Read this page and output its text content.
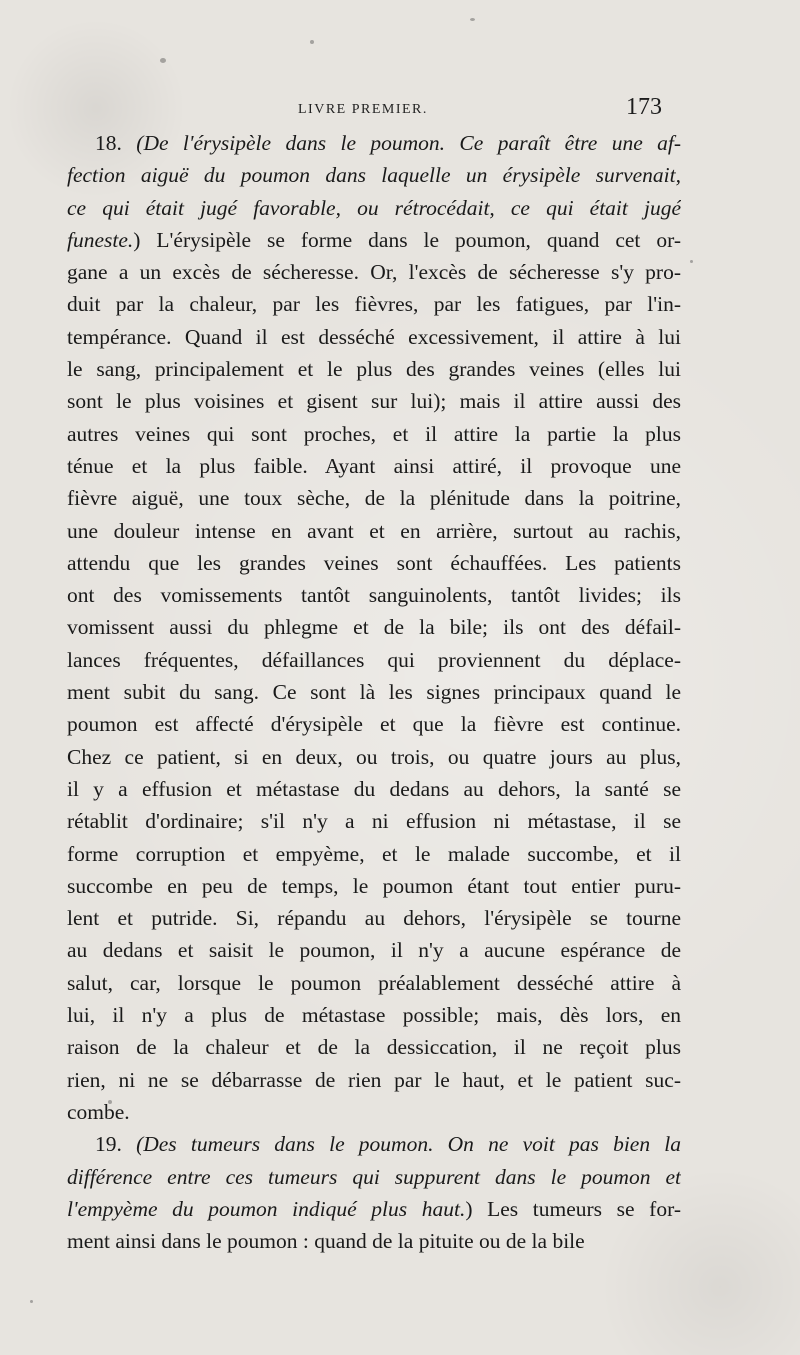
LIVRE PREMIER.	173
18. (De l'érysipèle dans le poumon. Ce paraît être une af-
fection aiguë du poumon dans laquelle un érysipèle survenait,
ce qui était jugé favorable, ou rétrocédait, ce qui était jugé
funeste.) L'érysipèle se forme dans le poumon, quand cet or-
gane a un excès de sécheresse. Or, l'excès de sécheresse s'y pro-
duit par la chaleur, par les fièvres, par les fatigues, par l'in-
tempérance. Quand il est desséché excessivement, il attire à lui
le sang, principalement et le plus des grandes veines (elles lui
sont le plus voisines et gisent sur lui); mais il attire aussi des
autres veines qui sont proches, et il attire la partie la plus
ténue et la plus faible. Ayant ainsi attiré, il provoque une
fièvre aiguë, une toux sèche, de la plénitude dans la poitrine,
une douleur intense en avant et en arrière, surtout au rachis,
attendu que les grandes veines sont échauffées. Les patients
ont des vomissements tantôt sanguinolents, tantôt livides; ils
vomissent aussi du phlegme et de la bile; ils ont des défail-
lances fréquentes, défaillances qui proviennent du déplace-
ment subit du sang. Ce sont là les signes principaux quand le
poumon est affecté d'érysipèle et que la fièvre est continue.
Chez ce patient, si en deux, ou trois, ou quatre jours au plus,
il y a effusion et métastase du dedans au dehors, la santé se
rétablit d'ordinaire; s'il n'y a ni effusion ni métastase, il se
forme corruption et empyème, et le malade succombe, et il
succombe en peu de temps, le poumon étant tout entier puru-
lent et putride. Si, répandu au dehors, l'érysipèle se tourne
au dedans et saisit le poumon, il n'y a aucune espérance de
salut, car, lorsque le poumon préalablement desséché attire à
lui, il n'y a plus de métastase possible; mais, dès lors, en
raison de la chaleur et de la dessiccation, il ne reçoit plus
rien, ni ne se débarrasse de rien par le haut, et le patient suc-
combe.
19. (Des tumeurs dans le poumon. On ne voit pas bien la
différence entre ces tumeurs qui suppurent dans le poumon et
l'empyème du poumon indiqué plus haut.) Les tumeurs se for-
ment ainsi dans le poumon : quand de la pituite ou de la bile
